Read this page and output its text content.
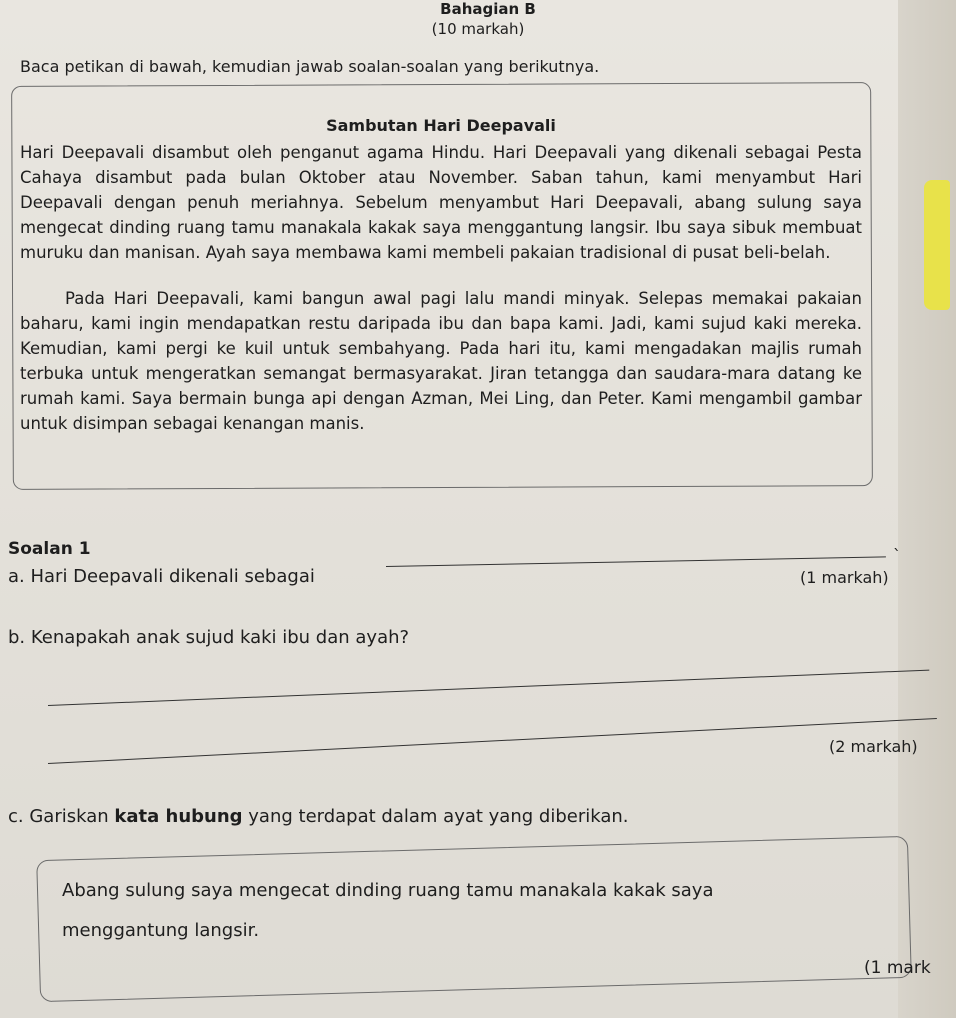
Bahagian B
(10 markah)
Baca petikan di bawah, kemudian jawab soalan-soalan yang berikutnya.
Sambutan Hari Deepavali

Hari Deepavali disambut oleh penganut agama Hindu. Hari Deepavali yang dikenali sebagai Pesta Cahaya disambut pada bulan Oktober atau November. Saban tahun, kami menyambut Hari Deepavali dengan penuh meriahnya. Sebelum menyambut Hari Deepavali, abang sulung saya mengecat dinding ruang tamu manakala kakak saya menggantung langsir. Ibu saya sibuk membuat muruku dan manisan. Ayah saya membawa kami membeli pakaian tradisional di pusat beli-belah.

Pada Hari Deepavali, kami bangun awal pagi lalu mandi minyak. Selepas memakai pakaian baharu, kami ingin mendapatkan restu daripada ibu dan bapa kami. Jadi, kami sujud kaki mereka. Kemudian, kami pergi ke kuil untuk sembahyang. Pada hari itu, kami mengadakan majlis rumah terbuka untuk mengeratkan semangat bermasyarakat. Jiran tetangga dan saudara-mara datang ke rumah kami. Saya bermain bunga api dengan Azman, Mei Ling, dan Peter. Kami mengambil gambar untuk disimpan sebagai kenangan manis.

Soalan 1	`
a. Hari Deepavali dikenali sebagai	(1 markah)
b. Kenapakah anak sujud kaki ibu dan ayah?
(2 markah)
c. Gariskan kata hubung yang terdapat dalam ayat yang diberikan.
Abang sulung saya mengecat dinding ruang tamu manakala kakak saya
menggantung langsir.
(1 mark
